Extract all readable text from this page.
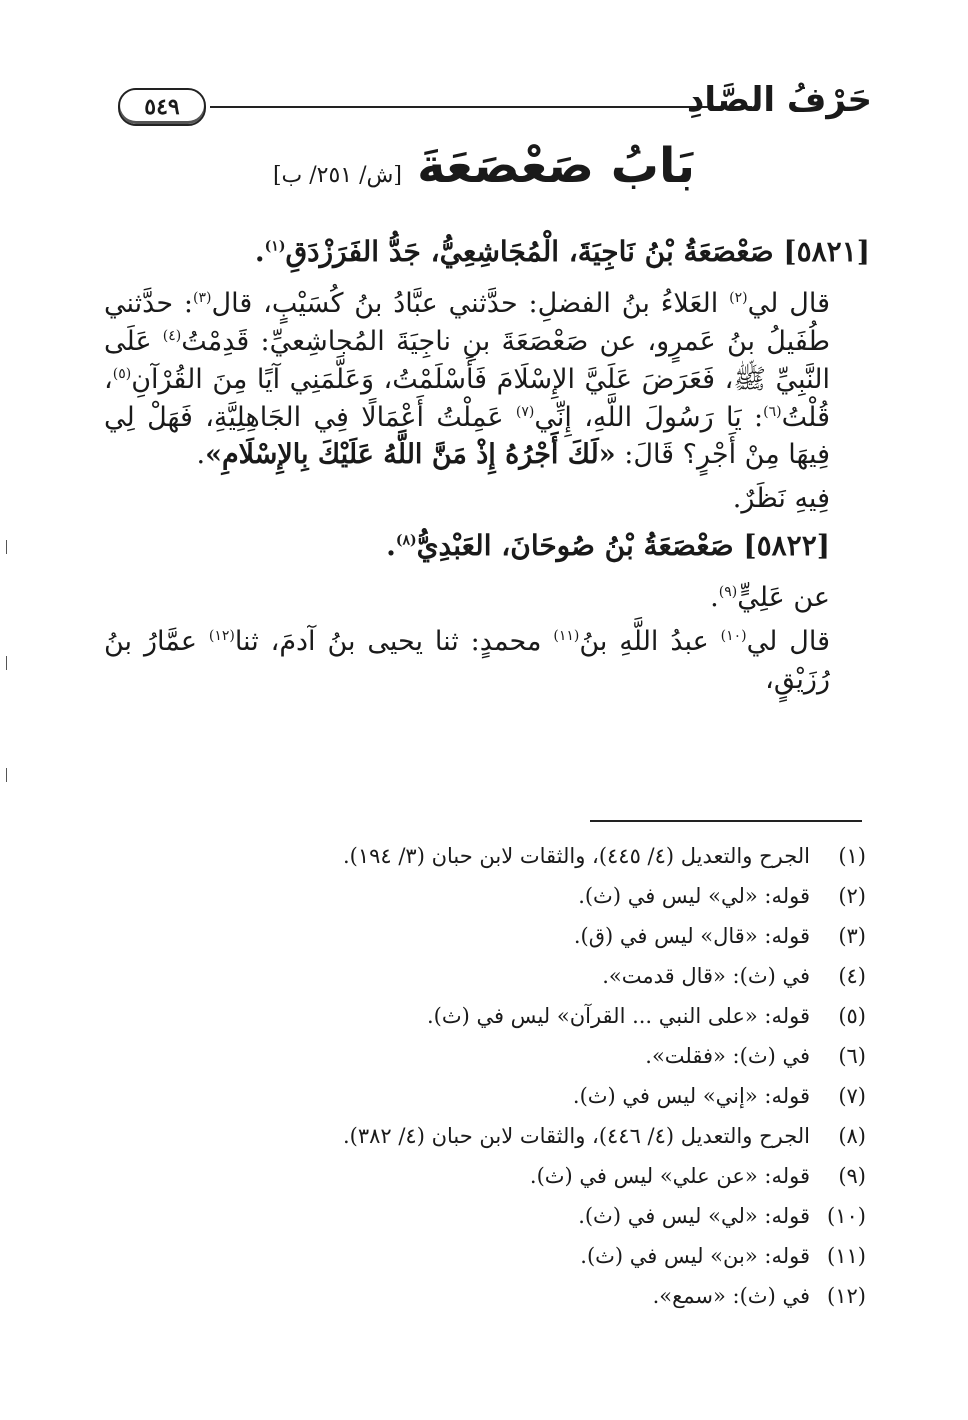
٥٤٩	حَرْفُ الصَّادِ
بَابُ صَعْصَعَةَ [ش/ ٢٥١/ ب]

[٥٨٢١] صَعْصَعَةُ بْنُ نَاجِيَةَ، الْمُجَاشِعِيُّ، جَدُّ الفَرَزْدَقِ$^{(١)}$.

قال لي$^{(٢)}$ العَلاءُ بنُ الفضلِ: حدَّثني عبَّادُ بنُ كُسَيْبٍ، قال$^{(٣)}$: حدَّثني طُفَيلُ بنُ عَمرٍو، عن صَعْصَعَةَ بنِ ناجِيَةَ المُجاشِعيِّ: قَدِمْتُ$^{(٤)}$ عَلَى النَّبِيِّ ﷺ، فَعَرَضَ عَلَيَّ الإِسْلَامَ فَأَسْلَمْتُ، وَعَلَّمَنِي آيًا مِنَ القُرْآنِ$^{(٥)}$، قُلْتُ$^{(٦)}$: يَا رَسُولَ اللَّهِ، إِنِّي$^{(٧)}$ عَمِلْتُ أَعْمَالًا فِي الجَاهِلِيَّةِ، فَهَلْ لِي فِيهَا مِنْ أَجْرٍ؟ قَالَ: «لَكَ أَجْرُهُ إِذْ مَنَّ اللَّهُ عَلَيْكَ بِالإِسْلَامِ».

فِيهِ نَظَرٌ.

[٥٨٢٢] صَعْصَعَةُ بْنُ صُوحَانَ، العَبْدِيُّ$^{(٨)}$.

عن عَلِيٍّ$^{(٩)}$.

قال لي$^{(١٠)}$ عبدُ اللَّهِ بنُ$^{(١١)}$ محمدٍ: ثنا يحيى بنُ آدمَ، ثنا$^{(١٢)}$ عمَّارُ بنُ رُزَيْقٍ،

(١)
الجرح والتعديل (٤/ ٤٤٥)، والثقات لابن حبان (٣/ ١٩٤).
(٢)
قوله: «لي» ليس في (ث).
(٣)
قوله: «قال» ليس في (ق).
(٤)
في (ث): «قال قدمت».
(٥)
قوله: «على النبي ... القرآن» ليس في (ث).
(٦)
في (ث): «فقلت».
(٧)
قوله: «إني» ليس في (ث).
(٨)
الجرح والتعديل (٤/ ٤٤٦)، والثقات لابن حبان (٤/ ٣٨٢).
(٩)
قوله: «عن علي» ليس في (ث).
(١٠)
قوله: «لي» ليس في (ث).
(١١)
قوله: «بن» ليس في (ث).
(١٢)
في (ث): «سمع».
